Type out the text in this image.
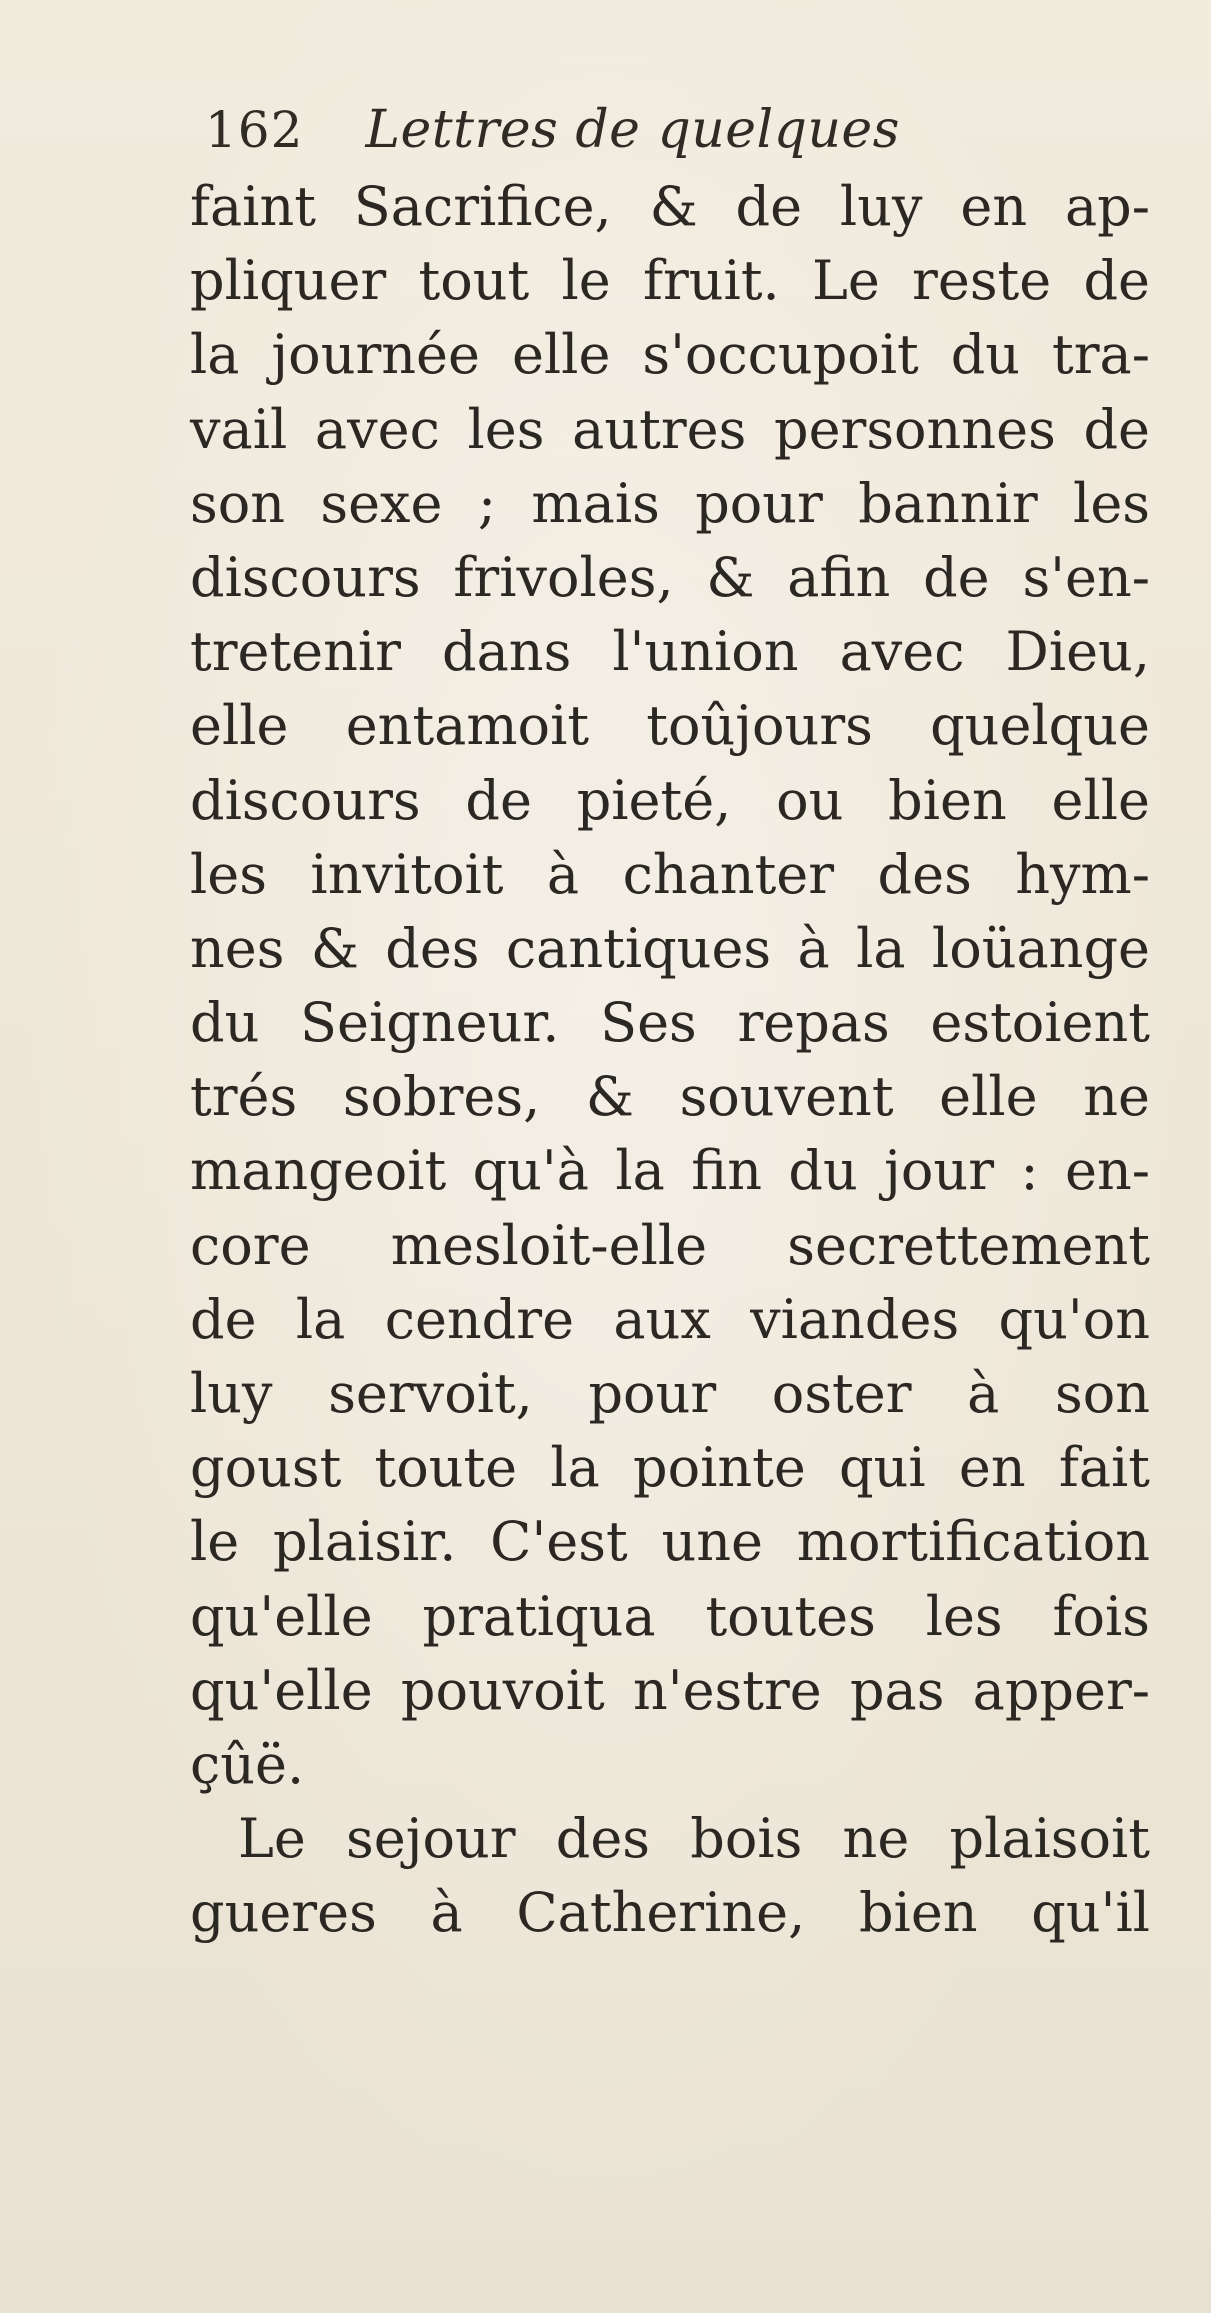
162 Lettres de quelques
faint Sacrifice, & de luy en ap-
pliquer tout le fruit. Le reste de
la journée elle s'occupoit du tra-
vail avec les autres personnes de
son sexe ; mais pour bannir les
discours frivoles, & afin de s'en-
tretenir dans l'union avec Dieu,
elle entamoit toûjours quelque
discours de pieté, ou bien elle
les invitoit à chanter des hym-
nes & des cantiques à la loüange
du Seigneur. Ses repas estoient
trés sobres, & souvent elle ne
mangeoit qu'à la fin du jour : en-
core mesloit-elle secrettement
de la cendre aux viandes qu'on
luy servoit, pour oster à son
goust toute la pointe qui en fait
le plaisir. C'est une mortification
qu'elle pratiqua toutes les fois
qu'elle pouvoit n'estre pas apper-
çûë.
Le sejour des bois ne plaisoit
gueres à Catherine, bien qu'il
